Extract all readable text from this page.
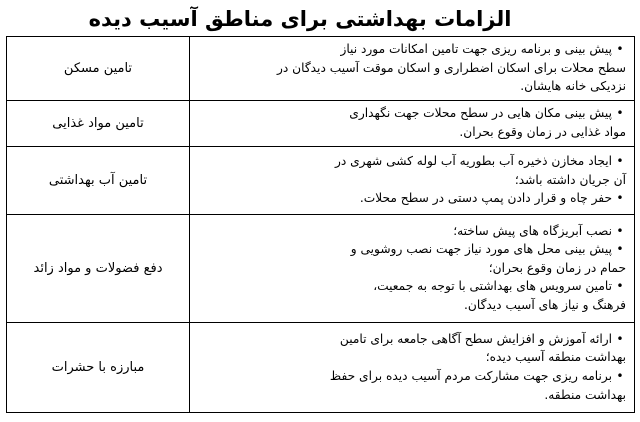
الزامات بهداشتی برای مناطق آسیب دیده
•پیش بینی و برنامه ریزی جهت تامین امکانات مورد نیاز
سطح محلات برای اسکان اضطراری و اسکان موقت آسیب دیدگان در
نزدیکی خانه هایشان.	تامین مسکن

•پیش بینی مکان هایی در سطح محلات جهت نگهداری
مواد غذایی در زمان وقوع بحران.	تامین مواد غذایی

•ایجاد مخازن ذخیره آب بطوریه آب لوله کشی شهری در
آن جریان داشته باشد؛
•حفر چاه و قرار دادن پمپ دستی در سطح محلات.	تامین آب بهداشتی

•نصب آبریزگاه های پیش ساخته؛
•پیش بینی محل های مورد نیاز جهت نصب روشویی و
حمام در زمان وقوع بحران؛
•تامین سرویس های بهداشتی با توجه به جمعیت،
فرهنگ و نیاز های آسیب دیدگان.	دفع فضولات و مواد زائد

•ارائه آموزش و افزایش سطح آگاهی جامعه برای تامین
بهداشت منطقه آسیب دیده؛
•برنامه ریزی جهت مشارکت مردم آسیب دیده برای حفظ
بهداشت منطقه.	مبارزه با حشرات
